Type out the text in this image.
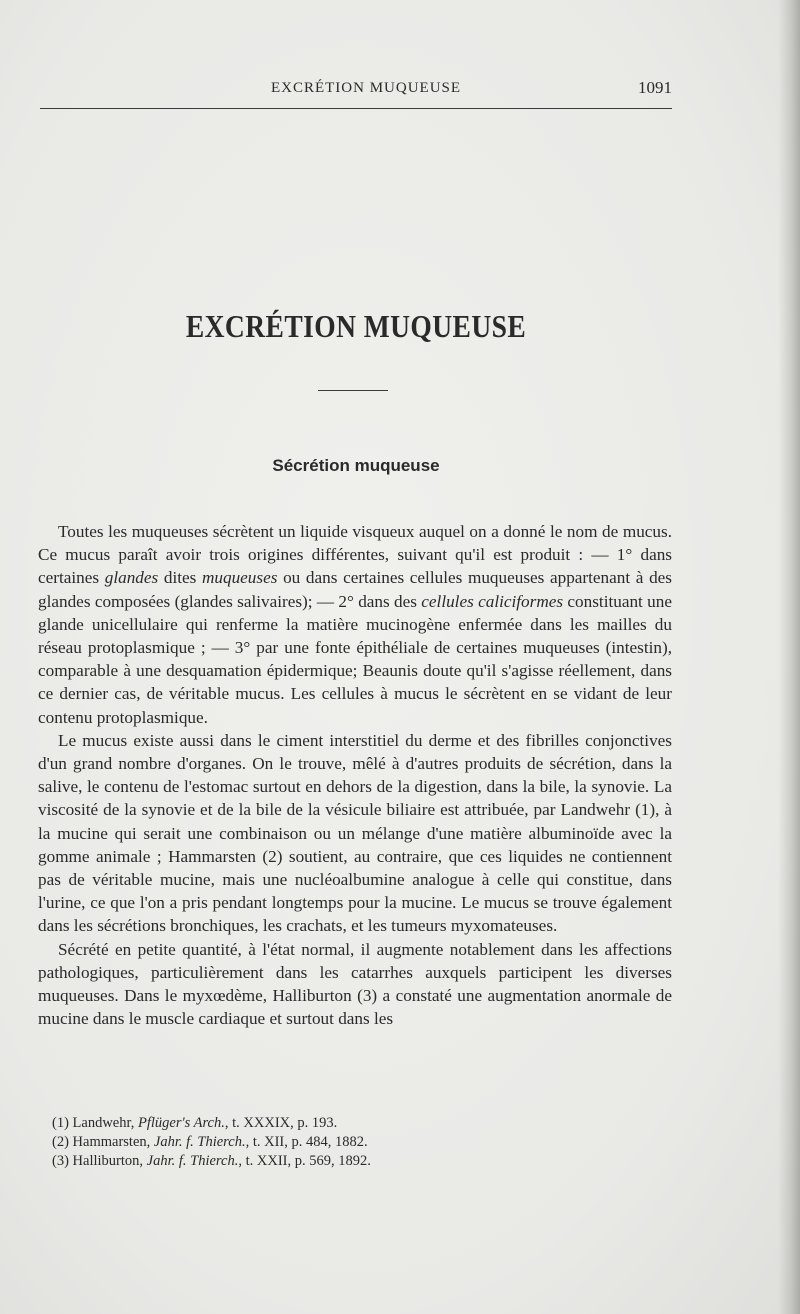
EXCRÉTION MUQUEUSE	1091
EXCRÉTION MUQUEUSE
Sécrétion muqueuse

Toutes les muqueuses sécrètent un liquide visqueux auquel on a donné le nom de mucus. Ce mucus paraît avoir trois origines différentes, suivant qu'il est produit : — 1° dans certaines glandes dites muqueuses ou dans certaines cellules muqueuses appartenant à des glandes composées (glandes salivaires); — 2° dans des cellules caliciformes constituant une glande unicellulaire qui renferme la matière mucinogène enfermée dans les mailles du réseau protoplasmique ; — 3° par une fonte épithéliale de certaines muqueuses (intestin), comparable à une desquamation épidermique; Beaunis doute qu'il s'agisse réellement, dans ce dernier cas, de véritable mucus. Les cellules à mucus le sécrètent en se vidant de leur contenu protoplasmique.

Le mucus existe aussi dans le ciment interstitiel du derme et des fibrilles conjonctives d'un grand nombre d'organes. On le trouve, mêlé à d'autres produits de sécrétion, dans la salive, le contenu de l'estomac surtout en dehors de la digestion, dans la bile, la synovie. La viscosité de la synovie et de la bile de la vésicule biliaire est attribuée, par Landwehr (1), à la mucine qui serait une combinaison ou un mélange d'une matière albuminoïde avec la gomme animale ; Hammarsten (2) soutient, au contraire, que ces liquides ne contiennent pas de véritable mucine, mais une nucléoalbumine analogue à celle qui constitue, dans l'urine, ce que l'on a pris pendant longtemps pour la mucine. Le mucus se trouve également dans les sécrétions bronchiques, les crachats, et les tumeurs myxomateuses.

Sécrété en petite quantité, à l'état normal, il augmente notablement dans les affections pathologiques, particulièrement dans les catarrhes auxquels participent les diverses muqueuses. Dans le myxœdème, Halliburton (3) a constaté une augmentation anormale de mucine dans le muscle cardiaque et surtout dans les

(1) Landwehr, Pflüger's Arch., t. XXXIX, p. 193.
(2) Hammarsten, Jahr. f. Thierch., t. XII, p. 484, 1882.
(3) Halliburton, Jahr. f. Thierch., t. XXII, p. 569, 1892.
